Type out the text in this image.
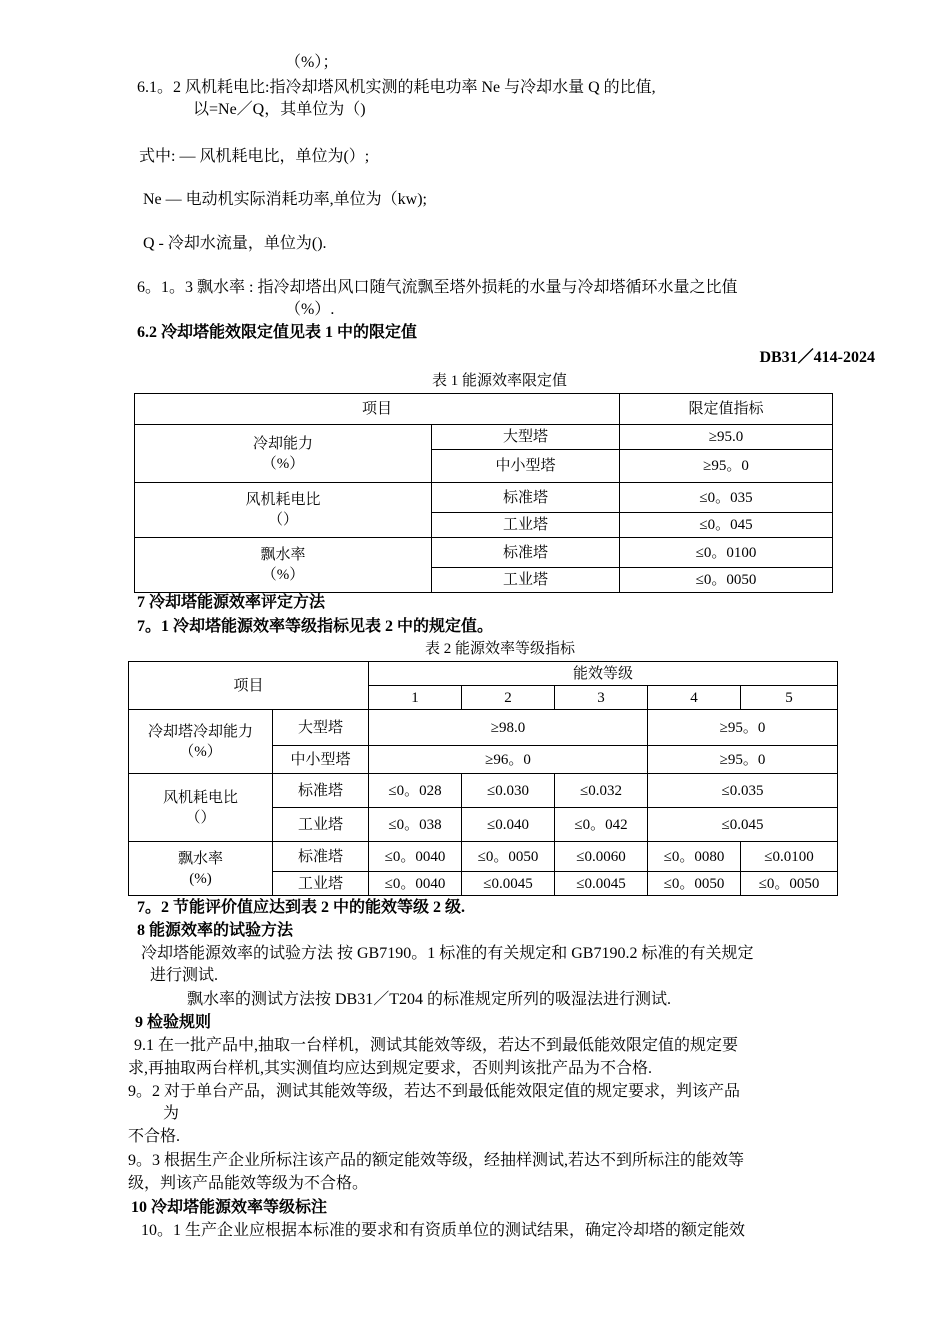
（%）；
6.1。2 风机耗电比:指冷却塔风机实测的耗电功率 Ne 与冷却水量 Q 的比值,
以=Ne／Q，其单位为（)
式中: — 风机耗电比，单位为(）;
Ne — 电动机实际消耗功率,单位为（kw);
Q - 冷却水流量，单位为().
6。1。3 飘水率 : 指冷却塔出风口随气流飘至塔外损耗的水量与冷却塔循环水量之比值
（%）.
6.2 冷却塔能效限定值见表 1 中的限定值
DB31／414-2024
表 1 能源效率限定值
项目		限定值指标
冷却能力
（%）	大型塔	≥95.0
	中小型塔	≥95。0
风机耗电比
（）	标准塔	≤0。035
	工业塔	≤0。045
飘水率
（%）	标准塔	≤0。0100
	工业塔	≤0。0050
7 冷却塔能源效率评定方法
7。1 冷却塔能源效率等级指标见表 2 中的规定值。
表 2 能源效率等级指标
项目		能效等级				
		1	2	3	4	5
冷却塔冷却能力
（%）	大型塔	≥98.0			≥95。0	
	中小型塔	≥96。0			≥95。0	
风机耗电比
（）	标准塔	≤0。028	≤0.030	≤0.032	≤0.035	
	工业塔	≤0。038	≤0.040	≤0。042	≤0.045	
飘水率
(%)	标准塔	≤0。0040	≤0。0050	≤0.0060	≤0。0080	≤0.0100
	工业塔	≤0。0040	≤0.0045	≤0.0045	≤0。0050	≤0。0050
7。2 节能评价值应达到表 2 中的能效等级 2 级.
8 能源效率的试验方法
冷却塔能源效率的试验方法 按 GB7190。1 标准的有关规定和 GB7190.2 标准的有关规定
进行测试.
飘水率的测试方法按 DB31／T204 的标准规定所列的吸湿法进行测试.
9 检验规则
9.1 在一批产品中,抽取一台样机，测试其能效等级，若达不到最低能效限定值的规定要
求,再抽取两台样机,其实测值均应达到规定要求，否则判该批产品为不合格.
9。2 对于单台产品，测试其能效等级，若达不到最低能效限定值的规定要求，判该产品
为
不合格.
9。3 根据生产企业所标注该产品的额定能效等级，经抽样测试,若达不到所标注的能效等
级，判该产品能效等级为不合格。
10 冷却塔能源效率等级标注
10。1 生产企业应根据本标准的要求和有资质单位的测试结果，确定冷却塔的额定能效
